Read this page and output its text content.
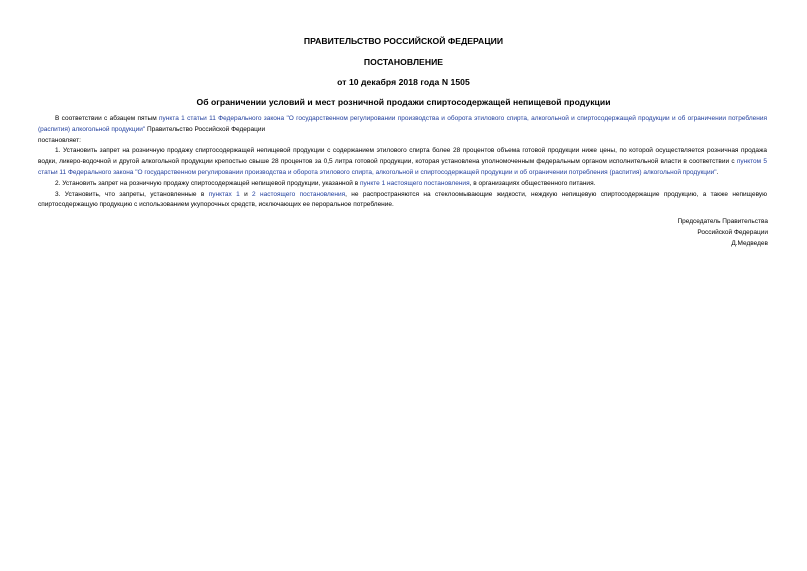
ПРАВИТЕЛЬСТВО РОССИЙСКОЙ ФЕДЕРАЦИИ
ПОСТАНОВЛЕНИЕ
от 10 декабря 2018 года N 1505
Об ограничении условий и мест розничной продажи спиртосодержащей непищевой продукции

В соответствии с абзацем пятым пункта 1 статьи 11 Федерального закона "О государственном регулировании производства и оборота этилового спирта, алкогольной и спиртосодержащей продукции и об ограничении потребления (распития) алкогольной продукции" Правительство Российской Федерации

постановляет:

1. Установить запрет на розничную продажу спиртосодержащей непищевой продукции с содержанием этилового спирта более 28 процентов объема готовой продукции ниже цены, по которой осуществляется розничная продажа водки, ликеро-водочной и другой алкогольной продукции крепостью свыше 28 процентов за 0,5 литра готовой продукции, которая установлена уполномоченным федеральным органом исполнительной власти в соответствии с пунктом 5 статьи 11 Федерального закона "О государственном регулировании производства и оборота этилового спирта, алкогольной и спиртосодержащей продукции и об ограничении потребления (распития) алкогольной продукции".

2. Установить запрет на розничную продажу спиртосодержащей непищевой продукции, указанной в пункте 1 настоящего постановления, в организациях общественного питания.

3. Установить, что запреты, установленные в пунктах 1 и 2 настоящего постановления, не распространяются на стеклоомывающие жидкости, неждкую непищевую спиртосодержащие продукцию, а также непищевую спиртосодержащую продукцию с использованием укупорочных средств, исключающих ее пероральное потребление.

Председатель Правительства
Российской Федерации
Д.Медведев
